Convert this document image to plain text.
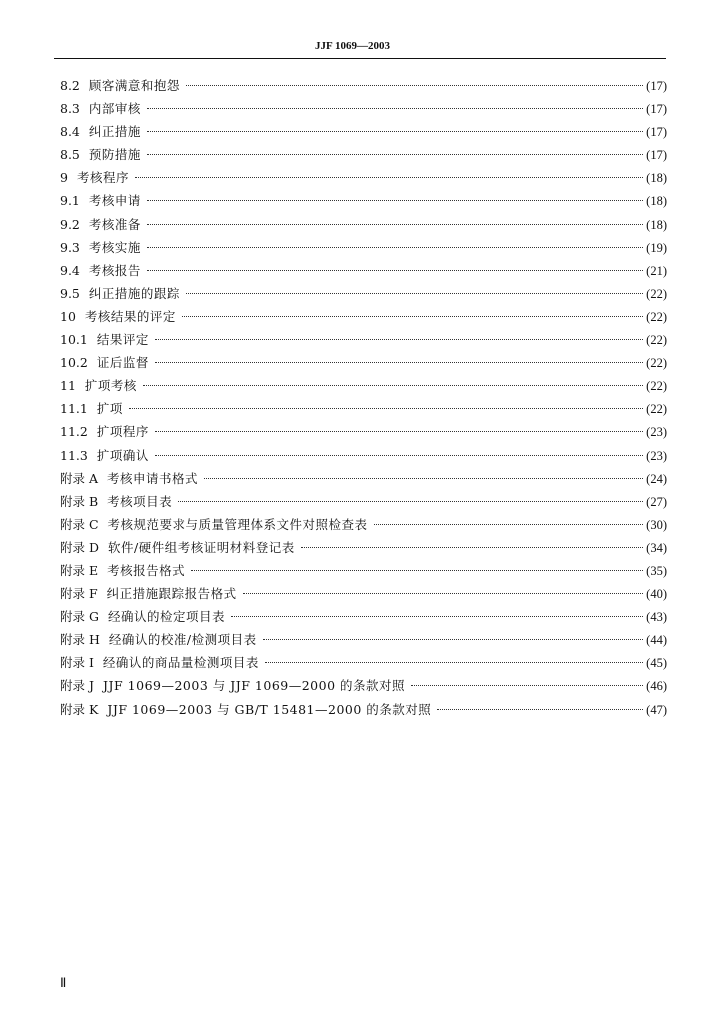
JJF 1069—2003
8.2 顾客满意和抱怨	(17)
8.3 内部审核	(17)
8.4 纠正措施	(17)
8.5 预防措施	(17)
9 考核程序	(18)
9.1 考核申请	(18)
9.2 考核准备	(18)
9.3 考核实施	(19)
9.4 考核报告	(21)
9.5 纠正措施的跟踪	(22)
10 考核结果的评定	(22)
10.1 结果评定	(22)
10.2 证后监督	(22)
11 扩项考核	(22)
11.1 扩项	(22)
11.2 扩项程序	(23)
11.3 扩项确认	(23)
附录 A 考核申请书格式	(24)
附录 B 考核项目表	(27)
附录 C 考核规范要求与质量管理体系文件对照检查表	(30)
附录 D 软件/硬件组考核证明材料登记表	(34)
附录 E 考核报告格式	(35)
附录 F 纠正措施跟踪报告格式	(40)
附录 G 经确认的检定项目表	(43)
附录 H 经确认的校准/检测项目表	(44)
附录 I 经确认的商品量检测项目表	(45)
附录 J JJF 1069—2003 与 JJF 1069—2000 的条款对照	(46)
附录 K JJF 1069—2003 与 GB/T 15481—2000 的条款对照	(47)
Ⅱ
